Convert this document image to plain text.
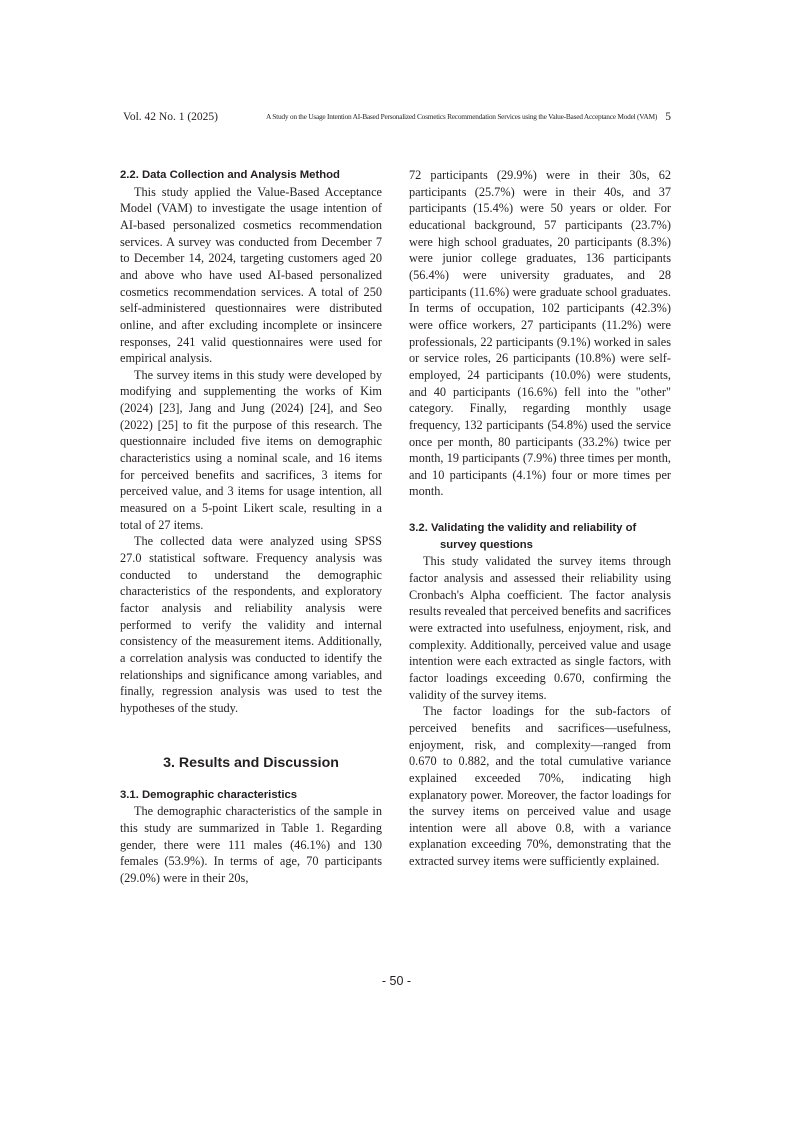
Vol. 42 No. 1 (2025)	A Study on the Usage Intention AI-Based Personalized Cosmetics Recommendation Services using the Value-Based Acceptance Model (VAM) 5
2.2. Data Collection and Analysis Method

This study applied the Value-Based Acceptance Model (VAM) to investigate the usage intention of AI-based personalized cosmetics recommendation services. A survey was conducted from December 7 to December 14, 2024, targeting customers aged 20 and above who have used AI-based personalized cosmetics recommendation services. A total of 250 self-administered questionnaires were distributed online, and after excluding incomplete or insincere responses, 241 valid questionnaires were used for empirical analysis.

The survey items in this study were developed by modifying and supplementing the works of Kim (2024) [23], Jang and Jung (2024) [24], and Seo (2022) [25] to fit the purpose of this research. The questionnaire included five items on demographic characteristics using a nominal scale, and 16 items for perceived benefits and sacrifices, 3 items for perceived value, and 3 items for usage intention, all measured on a 5-point Likert scale, resulting in a total of 27 items.

The collected data were analyzed using SPSS 27.0 statistical software. Frequency analysis was conducted to understand the demographic characteristics of the respondents, and exploratory factor analysis and reliability analysis were performed to verify the validity and internal consistency of the measurement items. Additionally, a correlation analysis was conducted to identify the relationships and significance among variables, and finally, regression analysis was used to test the hypotheses of the study.

3. Results and Discussion
3.1. Demographic characteristics

The demographic characteristics of the sample in this study are summarized in Table 1. Regarding gender, there were 111 males (46.1%) and 130 females (53.9%). In terms of age, 70 participants (29.0%) were in their 20s,

72 participants (29.9%) were in their 30s, 62 participants (25.7%) were in their 40s, and 37 participants (15.4%) were 50 years or older. For educational background, 57 participants (23.7%) were high school graduates, 20 participants (8.3%) were junior college graduates, 136 participants (56.4%) were university graduates, and 28 participants (11.6%) were graduate school graduates. In terms of occupation, 102 participants (42.3%) were office workers, 27 participants (11.2%) were professionals, 22 participants (9.1%) worked in sales or service roles, 26 participants (10.8%) were self-employed, 24 participants (10.0%) were students, and 40 participants (16.6%) fell into the "other" category. Finally, regarding monthly usage frequency, 132 participants (54.8%) used the service once per month, 80 participants (33.2%) twice per month, 19 participants (7.9%) three times per month, and 10 participants (4.1%) four or more times per month.

3.2. Validating the validity and reliability of survey questions

This study validated the survey items through factor analysis and assessed their reliability using Cronbach's Alpha coefficient. The factor analysis results revealed that perceived benefits and sacrifices were extracted into usefulness, enjoyment, risk, and complexity. Additionally, perceived value and usage intention were each extracted as single factors, with factor loadings exceeding 0.670, confirming the validity of the survey items.

The factor loadings for the sub-factors of perceived benefits and sacrifices—usefulness, enjoyment, risk, and complexity—ranged from 0.670 to 0.882, and the total cumulative variance explained exceeded 70%, indicating high explanatory power. Moreover, the factor loadings for the survey items on perceived value and usage intention were all above 0.8, with a variance explanation exceeding 70%, demonstrating that the extracted survey items were sufficiently explained.

- 50 -
